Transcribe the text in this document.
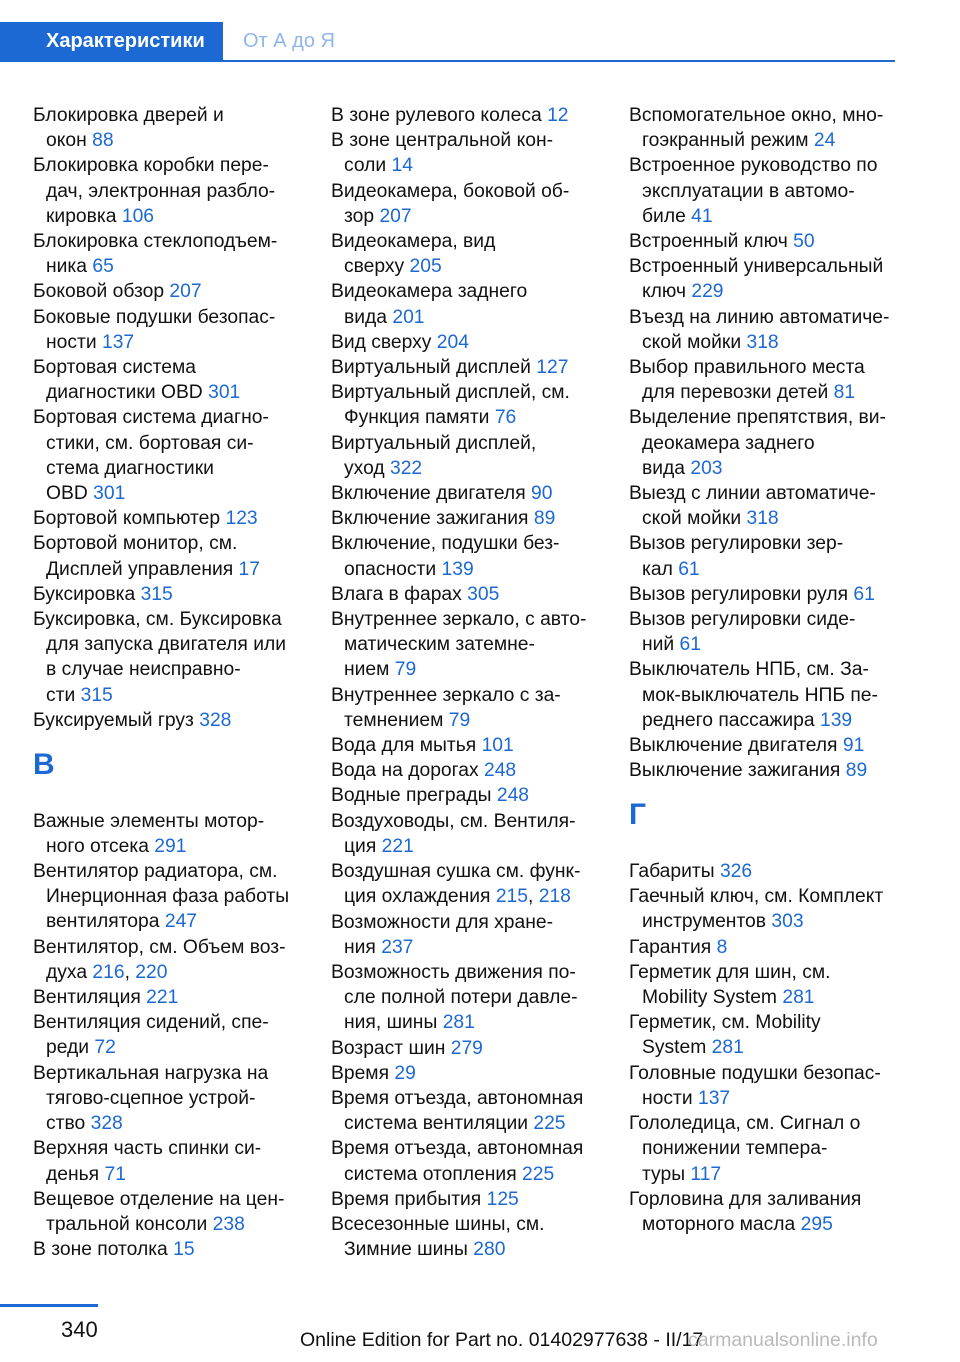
Характеристики	От А до Я
Блокировка дверей и
окон 88
Блокировка коробки пере‐
дач, электронная разбло‐
кировка 106
Блокировка стеклоподъем‐
ника 65
Боковой обзор 207
Боковые подушки безопас‐
ности 137
Бортовая система
диагностики OBD 301
Бортовая система диагно‐
стики, см. бортовая си‐
стема диагностики
OBD 301
Бортовой компьютер 123
Бортовой монитор, см.
Дисплей управления 17
Буксировка 315
Буксировка, см. Буксировка
для запуска двигателя или
в случае неисправно‐
сти 315
Буксируемый груз 328
В
Важные элементы мотор‐
ного отсека 291
Вентилятор радиатора, см.
Инерционная фаза работы
вентилятора 247
Вентилятор, см. Объем воз‐
духа 216, 220
Вентиляция 221
Вентиляция сидений, спе‐
реди 72
Вертикальная нагрузка на
тягово-сцепное устрой‐
ство 328
Верхняя часть спинки си‐
денья 71
Вещевое отделение на цен‐
тральной консоли 238
В зоне потолка 15
В зоне рулевого колеса 12
В зоне центральной кон‐
соли 14
Видеокамера, боковой об‐
зор 207
Видеокамера, вид
сверху 205
Видеокамера заднего
вида 201
Вид сверху 204
Виртуальный дисплей 127
Виртуальный дисплей, см.
Функция памяти 76
Виртуальный дисплей,
уход 322
Включение двигателя 90
Включение зажигания 89
Включение, подушки без‐
опасности 139
Влага в фарах 305
Внутреннее зеркало, с авто‐
матическим затемне‐
нием 79
Внутреннее зеркало с за‐
темнением 79
Вода для мытья 101
Вода на дорогах 248
Водные преграды 248
Воздуховоды, см. Вентиля‐
ция 221
Воздушная сушка см. функ‐
ция охлаждения 215, 218
Возможности для хране‐
ния 237
Возможность движения по‐
сле полной потери давле‐
ния, шины 281
Возраст шин 279
Время 29
Время отъезда, автономная
система вентиляции 225
Время отъезда, автономная
система отопления 225
Время прибытия 125
Всесезонные шины, см.
Зимние шины 280
Вспомогательное окно, мно‐
гоэкранный режим 24
Встроенное руководство по
эксплуатации в автомо‐
биле 41
Встроенный ключ 50
Встроенный универсальный
ключ 229
Въезд на линию автоматиче‐
ской мойки 318
Выбор правильного места
для перевозки детей 81
Выделение препятствия, ви‐
деокамера заднего
вида 203
Выезд с линии автоматиче‐
ской мойки 318
Вызов регулировки зер‐
кал 61
Вызов регулировки руля 61
Вызов регулировки сиде‐
ний 61
Выключатель НПБ, см. За‐
мок-выключатель НПБ пе‐
реднего пассажира 139
Выключение двигателя 91
Выключение зажигания 89
Г
Габариты 326
Гаечный ключ, см. Комплект
инструментов 303
Гарантия 8
Герметик для шин, см.
Mobility System 281
Герметик, см. Mobility
System 281
Головные подушки безопас‐
ности 137
Гололедица, см. Сигнал о
понижении темпера‐
туры 117
Горловина для заливания
моторного масла 295
340	Online Edition for Part no. 01402977638 - II/17
carmanualsonline.info
